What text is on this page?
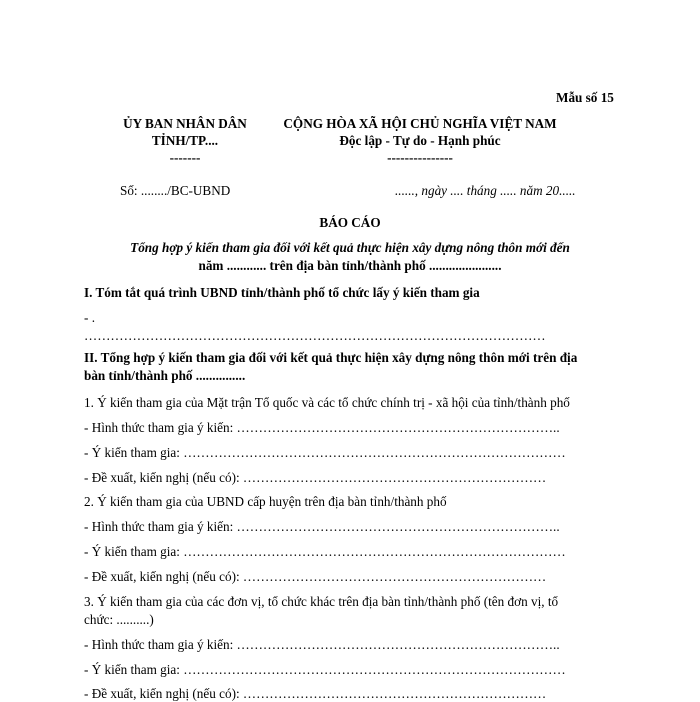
Mẫu số 15
ỦY BAN NHÂN DÂN
TỈNH/TP....
-------
CỘNG HÒA XÃ HỘI CHỦ NGHĨA VIỆT NAM
Độc lập - Tự do - Hạnh phúc
---------------
Số: ......../BC-UBND	......, ngày .... tháng ..... năm 20.....
BÁO CÁO
Tổng hợp ý kiến tham gia đối với kết quả thực hiện xây dựng nông thôn mới đến
năm ............ trên địa bàn tỉnh/thành phố ......................
I. Tóm tắt quá trình UBND tỉnh/thành phố tổ chức lấy ý kiến tham gia
- .
……………………………………………………………………………………………
II. Tổng hợp ý kiến tham gia đối với kết quả thực hiện xây dựng nông thôn mới trên địa
bàn tỉnh/thành phố ...............
1. Ý kiến tham gia của Mặt trận Tổ quốc và các tổ chức chính trị - xã hội của tỉnh/thành phố
- Hình thức tham gia ý kiến: ………………………………………………………………..
- Ý kiến tham gia: ……………………………………………………………………………
- Đề xuất, kiến nghị (nếu có): ……………………………………………………………
2. Ý kiến tham gia của UBND cấp huyện trên địa bàn tỉnh/thành phố
- Hình thức tham gia ý kiến: ………………………………………………………………..
- Ý kiến tham gia: ……………………………………………………………………………
- Đề xuất, kiến nghị (nếu có): ……………………………………………………………
3. Ý kiến tham gia của các đơn vị, tổ chức khác trên địa bàn tỉnh/thành phố (tên đơn vị, tổ
chức: ..........)
- Hình thức tham gia ý kiến: ………………………………………………………………..
- Ý kiến tham gia: ……………………………………………………………………………
- Đề xuất, kiến nghị (nếu có): ……………………………………………………………
